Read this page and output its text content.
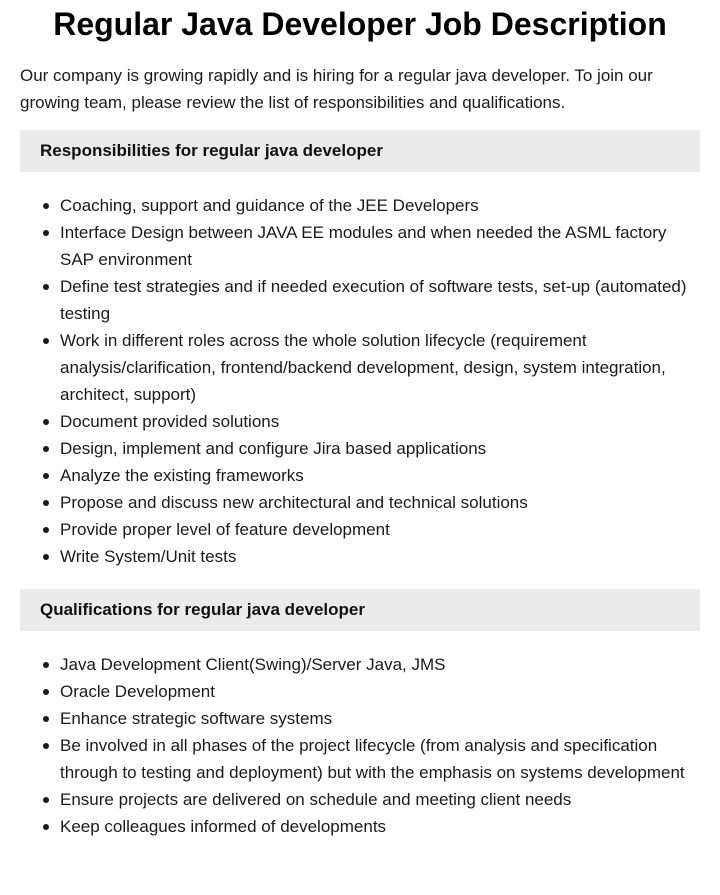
Regular Java Developer Job Description

Our company is growing rapidly and is hiring for a regular java developer. To join our growing team, please review the list of responsibilities and qualifications.

Responsibilities for regular java developer
Coaching, support and guidance of the JEE Developers
Interface Design between JAVA EE modules and when needed the ASML factory SAP environment
Define test strategies and if needed execution of software tests, set-up (automated) testing
Work in different roles across the whole solution lifecycle (requirement analysis/clarification, frontend/backend development, design, system integration, architect, support)
Document provided solutions
Design, implement and configure Jira based applications
Analyze the existing frameworks
Propose and discuss new architectural and technical solutions
Provide proper level of feature development
Write System/Unit tests
Qualifications for regular java developer
Java Development Client(Swing)/Server Java, JMS
Oracle Development
Enhance strategic software systems
Be involved in all phases of the project lifecycle (from analysis and specification through to testing and deployment) but with the emphasis on systems development
Ensure projects are delivered on schedule and meeting client needs
Keep colleagues informed of developments
